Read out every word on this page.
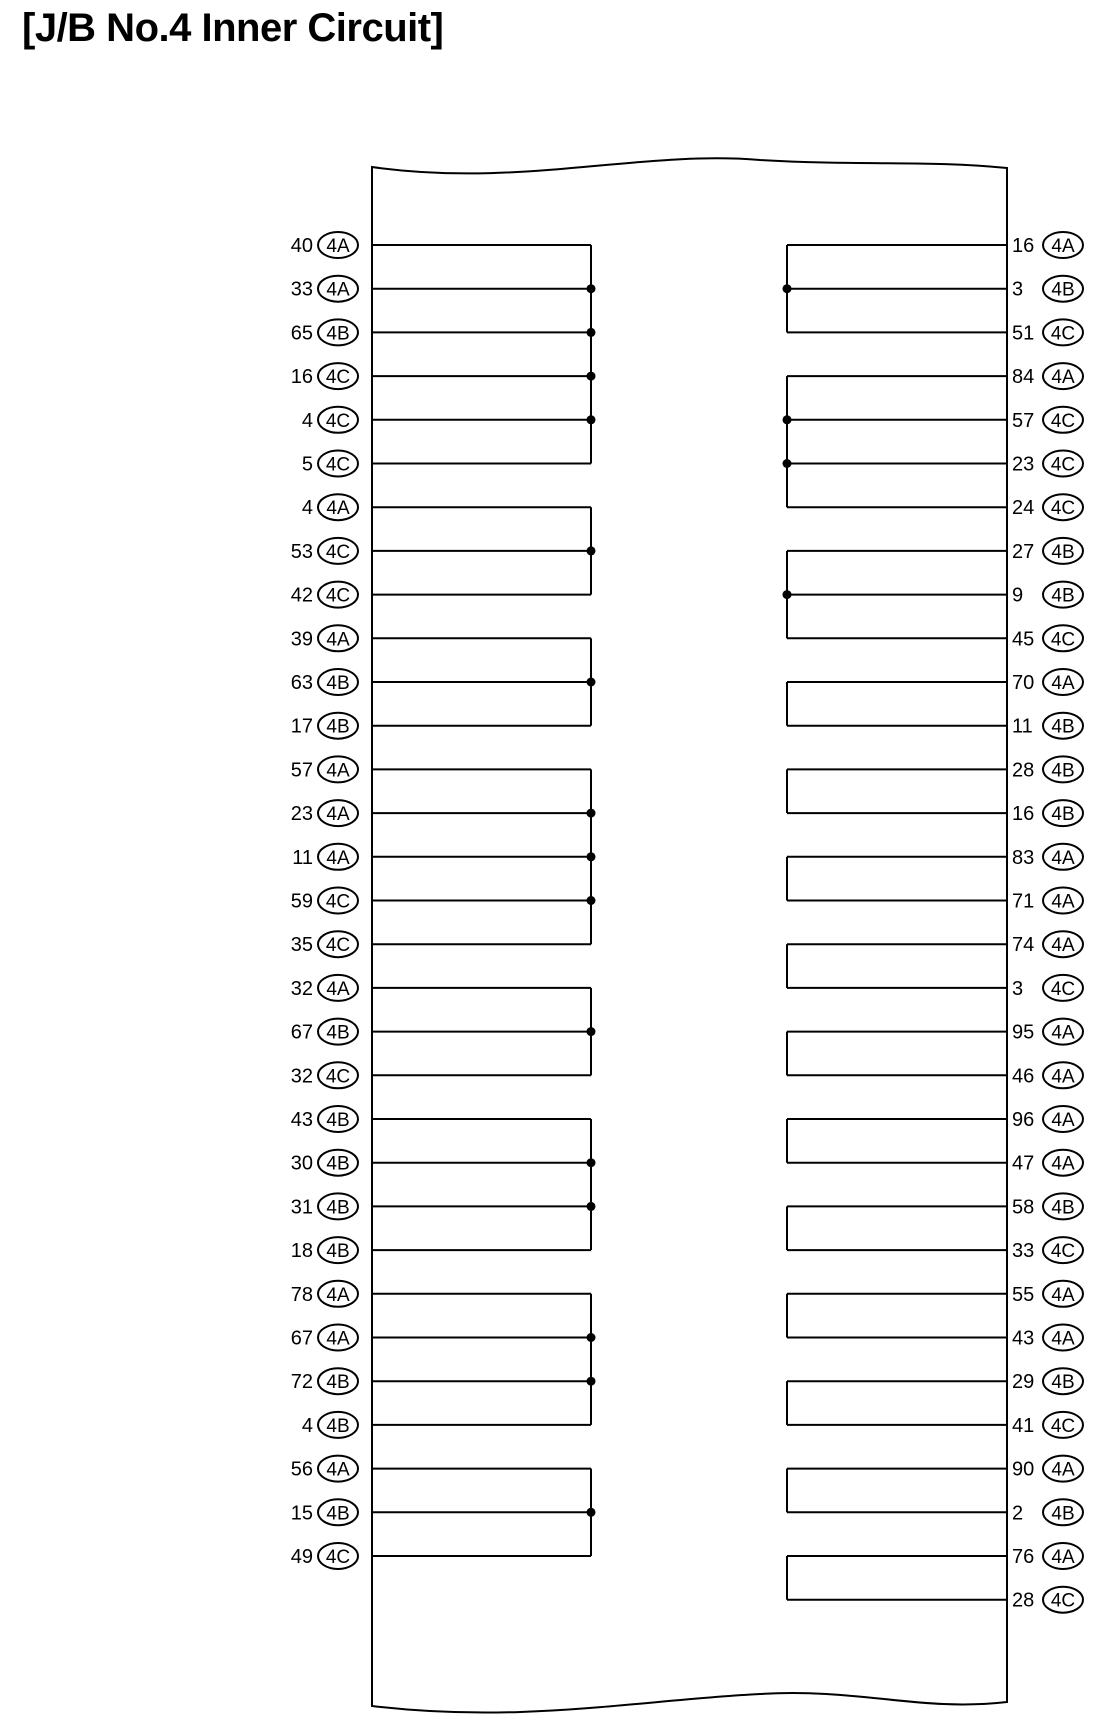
[J/B No.4 Inner Circuit]
40 4A
33 4A
65 4B
16 4C
4 4C
5 4C
4 4A
53 4C
42 4C
39 4A
63 4B
17 4B
57 4A
23 4A
11 4A
59 4C
35 4C
32 4A
67 4B
32 4C
43 4B
30 4B
31 4B
18 4B
78 4A
67 4A
72 4B
4 4B
56 4A
15 4B
49 4C
16 4A
3 4B
51 4C
84 4A
57 4C
23 4C
24 4C
27 4B
9 4B
45 4C
70 4A
11 4B
28 4B
16 4B
83 4A
71 4A
74 4A
3 4C
95 4A
46 4A
96 4A
47 4A
58 4B
33 4C
55 4A
43 4A
29 4B
41 4C
90 4A
2 4B
76 4A
28 4C
